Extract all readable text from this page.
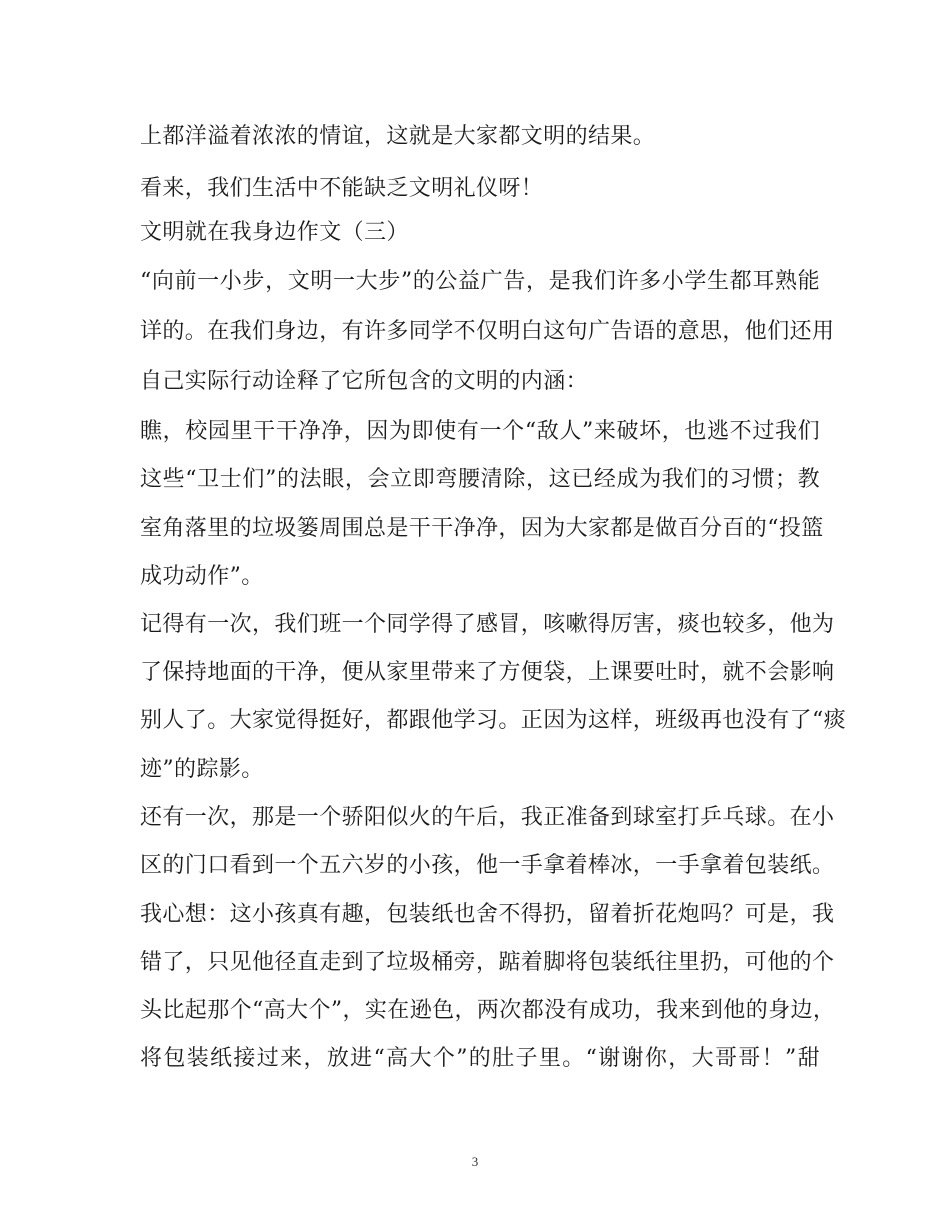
上都洋溢着浓浓的情谊，这就是大家都文明的结果。
看来，我们生活中不能缺乏文明礼仪呀！
文明就在我身边作文（三）
“向前一小步，文明一大步”的公益广告，是我们许多小学生都耳熟能
详的。在我们身边，有许多同学不仅明白这句广告语的意思，他们还用
自己实际行动诠释了它所包含的文明的内涵：
瞧，校园里干干净净，因为即使有一个“敌人”来破坏，也逃不过我们
这些“卫士们”的法眼，会立即弯腰清除，这已经成为我们的习惯；教
室角落里的垃圾篓周围总是干干净净，因为大家都是做百分百的“投篮
成功动作”。
记得有一次，我们班一个同学得了感冒，咳嗽得厉害，痰也较多，他为
了保持地面的干净，便从家里带来了方便袋，上课要吐时，就不会影响
别人了。大家觉得挺好，都跟他学习。正因为这样，班级再也没有了“痰
迹”的踪影。
还有一次，那是一个骄阳似火的午后，我正准备到球室打乒乓球。在小
区的门口看到一个五六岁的小孩，他一手拿着棒冰，一手拿着包装纸。
我心想：这小孩真有趣，包装纸也舍不得扔，留着折花炮吗？可是，我
错了，只见他径直走到了垃圾桶旁，踮着脚将包装纸往里扔，可他的个
头比起那个“高大个”，实在逊色，两次都没有成功，我来到他的身边，
将包装纸接过来，放进“高大个”的肚子里。“谢谢你，大哥哥！”甜
3
